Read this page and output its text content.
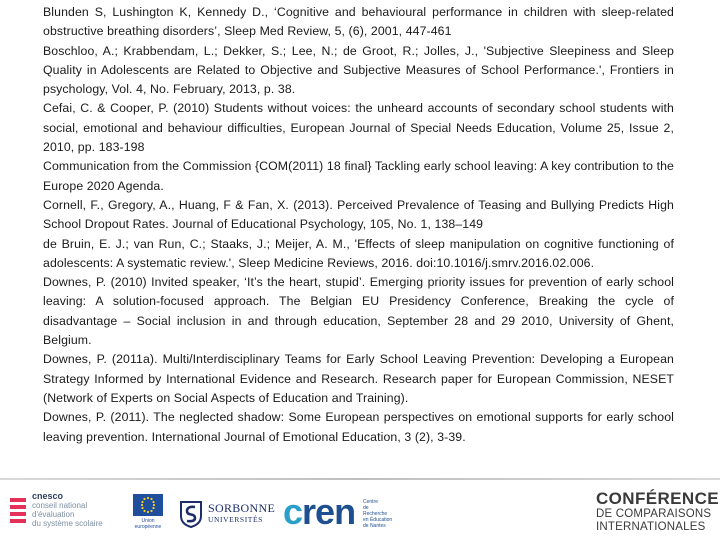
Blunden S, Lushington K, Kennedy D., ‘Cognitive and behavioural performance in children with sleep-related obstructive breathing disorders’, Sleep Med Review, 5, (6), 2001, 447-461

Boschloo, A.; Krabbendam, L.; Dekker, S.; Lee, N.; de Groot, R.; Jolles, J., 'Subjective Sleepiness and Sleep Quality in Adolescents are Related to Objective and Subjective Measures of School Performance.', Frontiers in psychology, Vol. 4, No. February, 2013, p. 38.

Cefai, C. & Cooper, P. (2010) Students without voices: the unheard accounts of secondary school students with social, emotional and behaviour difficulties, European Journal of Special Needs Education, Volume 25, Issue 2, 2010, pp. 183-198

Communication from the Commission {COM(2011) 18 final} Tackling early school leaving: A key contribution to the Europe 2020 Agenda.

Cornell, F., Gregory, A., Huang, F & Fan, X. (2013). Perceived Prevalence of Teasing and Bullying Predicts High School Dropout Rates. Journal of Educational Psychology, 105, No. 1, 138–149

de Bruin, E. J.; van Run, C.; Staaks, J.; Meijer, A. M., 'Effects of sleep manipulation on cognitive functioning of adolescents: A systematic review.', Sleep Medicine Reviews, 2016. doi:10.1016/j.smrv.2016.02.006.

Downes, P. (2010) Invited speaker, ‘It’s the heart, stupid’. Emerging priority issues for prevention of early school leaving: A solution-focused approach. The Belgian EU Presidency Conference, Breaking the cycle of disadvantage – Social inclusion in and through education, September 28 and 29 2010, University of Ghent, Belgium.

Downes, P. (2011a). Multi/Interdisciplinary Teams for Early School Leaving Prevention: Developing a European Strategy Informed by International Evidence and Research. Research paper for European Commission, NESET (Network of Experts on Social Aspects of Education and Training).

Downes, P. (2011). The neglected shadow: Some European perspectives on emotional supports for early school leaving prevention. International Journal of Emotional Education, 3 (2), 3-39.

cnesco
conseil national
d'évaluation
du système scolaire	Union européenne
SORBONNE
UNIVERSITÉS cren Centre
de Recherche
en Éducation
de Nantes
CONFÉRENCE
DE COMPARAISONS
INTERNATIONALES
